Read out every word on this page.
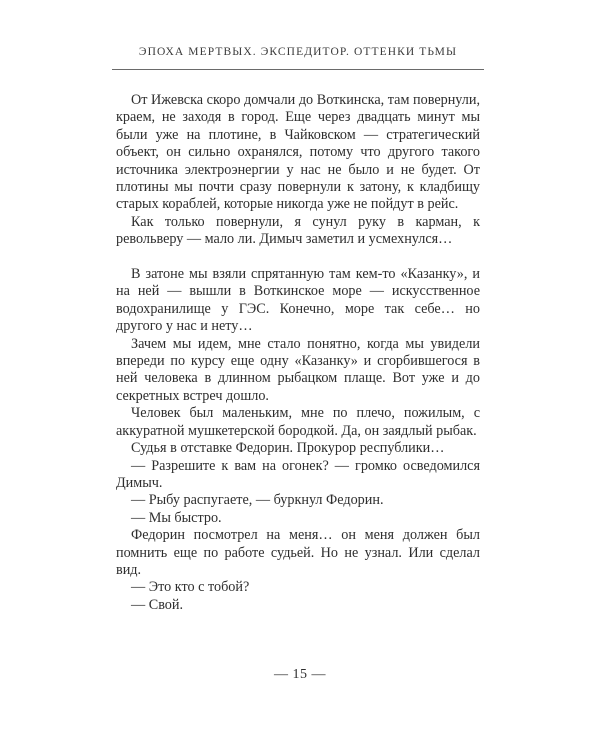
ЭПОХА МЕРТВЫХ. ЭКСПЕДИТОР. ОТТЕНКИ ТЬМЫ

От Ижевска скоро домчали до Воткинска, там повернули, краем, не заходя в город. Еще через двадцать минут мы были уже на плотине, в Чайковском — стратегический объект, он сильно охранялся, потому что другого такого источника электроэнергии у нас не было и не будет. От плотины мы почти сразу повернули к затону, к кладбищу старых кораблей, которые никогда уже не пойдут в рейс.

Как только повернули, я сунул руку в карман, к револьверу — мало ли. Димыч заметил и усмехнулся…

В затоне мы взяли спрятанную там кем-то «Казанку», и на ней — вышли в Воткинское море — искусственное водохранилище у ГЭС. Конечно, море так себе… но другого у нас и нету…

Зачем мы идем, мне стало понятно, когда мы увидели впереди по курсу еще одну «Казанку» и сгорбившегося в ней человека в длинном рыбацком плаще. Вот уже и до секретных встреч дошло.

Человек был маленьким, мне по плечо, пожилым, с аккуратной мушкетерской бородкой. Да, он заядлый рыбак.

Судья в отставке Федорин. Прокурор республики…

— Разрешите к вам на огонек? — громко осведомился Димыч.

— Рыбу распугаете, — буркнул Федорин.

— Мы быстро.

Федорин посмотрел на меня… он меня должен был помнить еще по работе судьей. Но не узнал. Или сделал вид.

— Это кто с тобой?

— Свой.

— 15 —
